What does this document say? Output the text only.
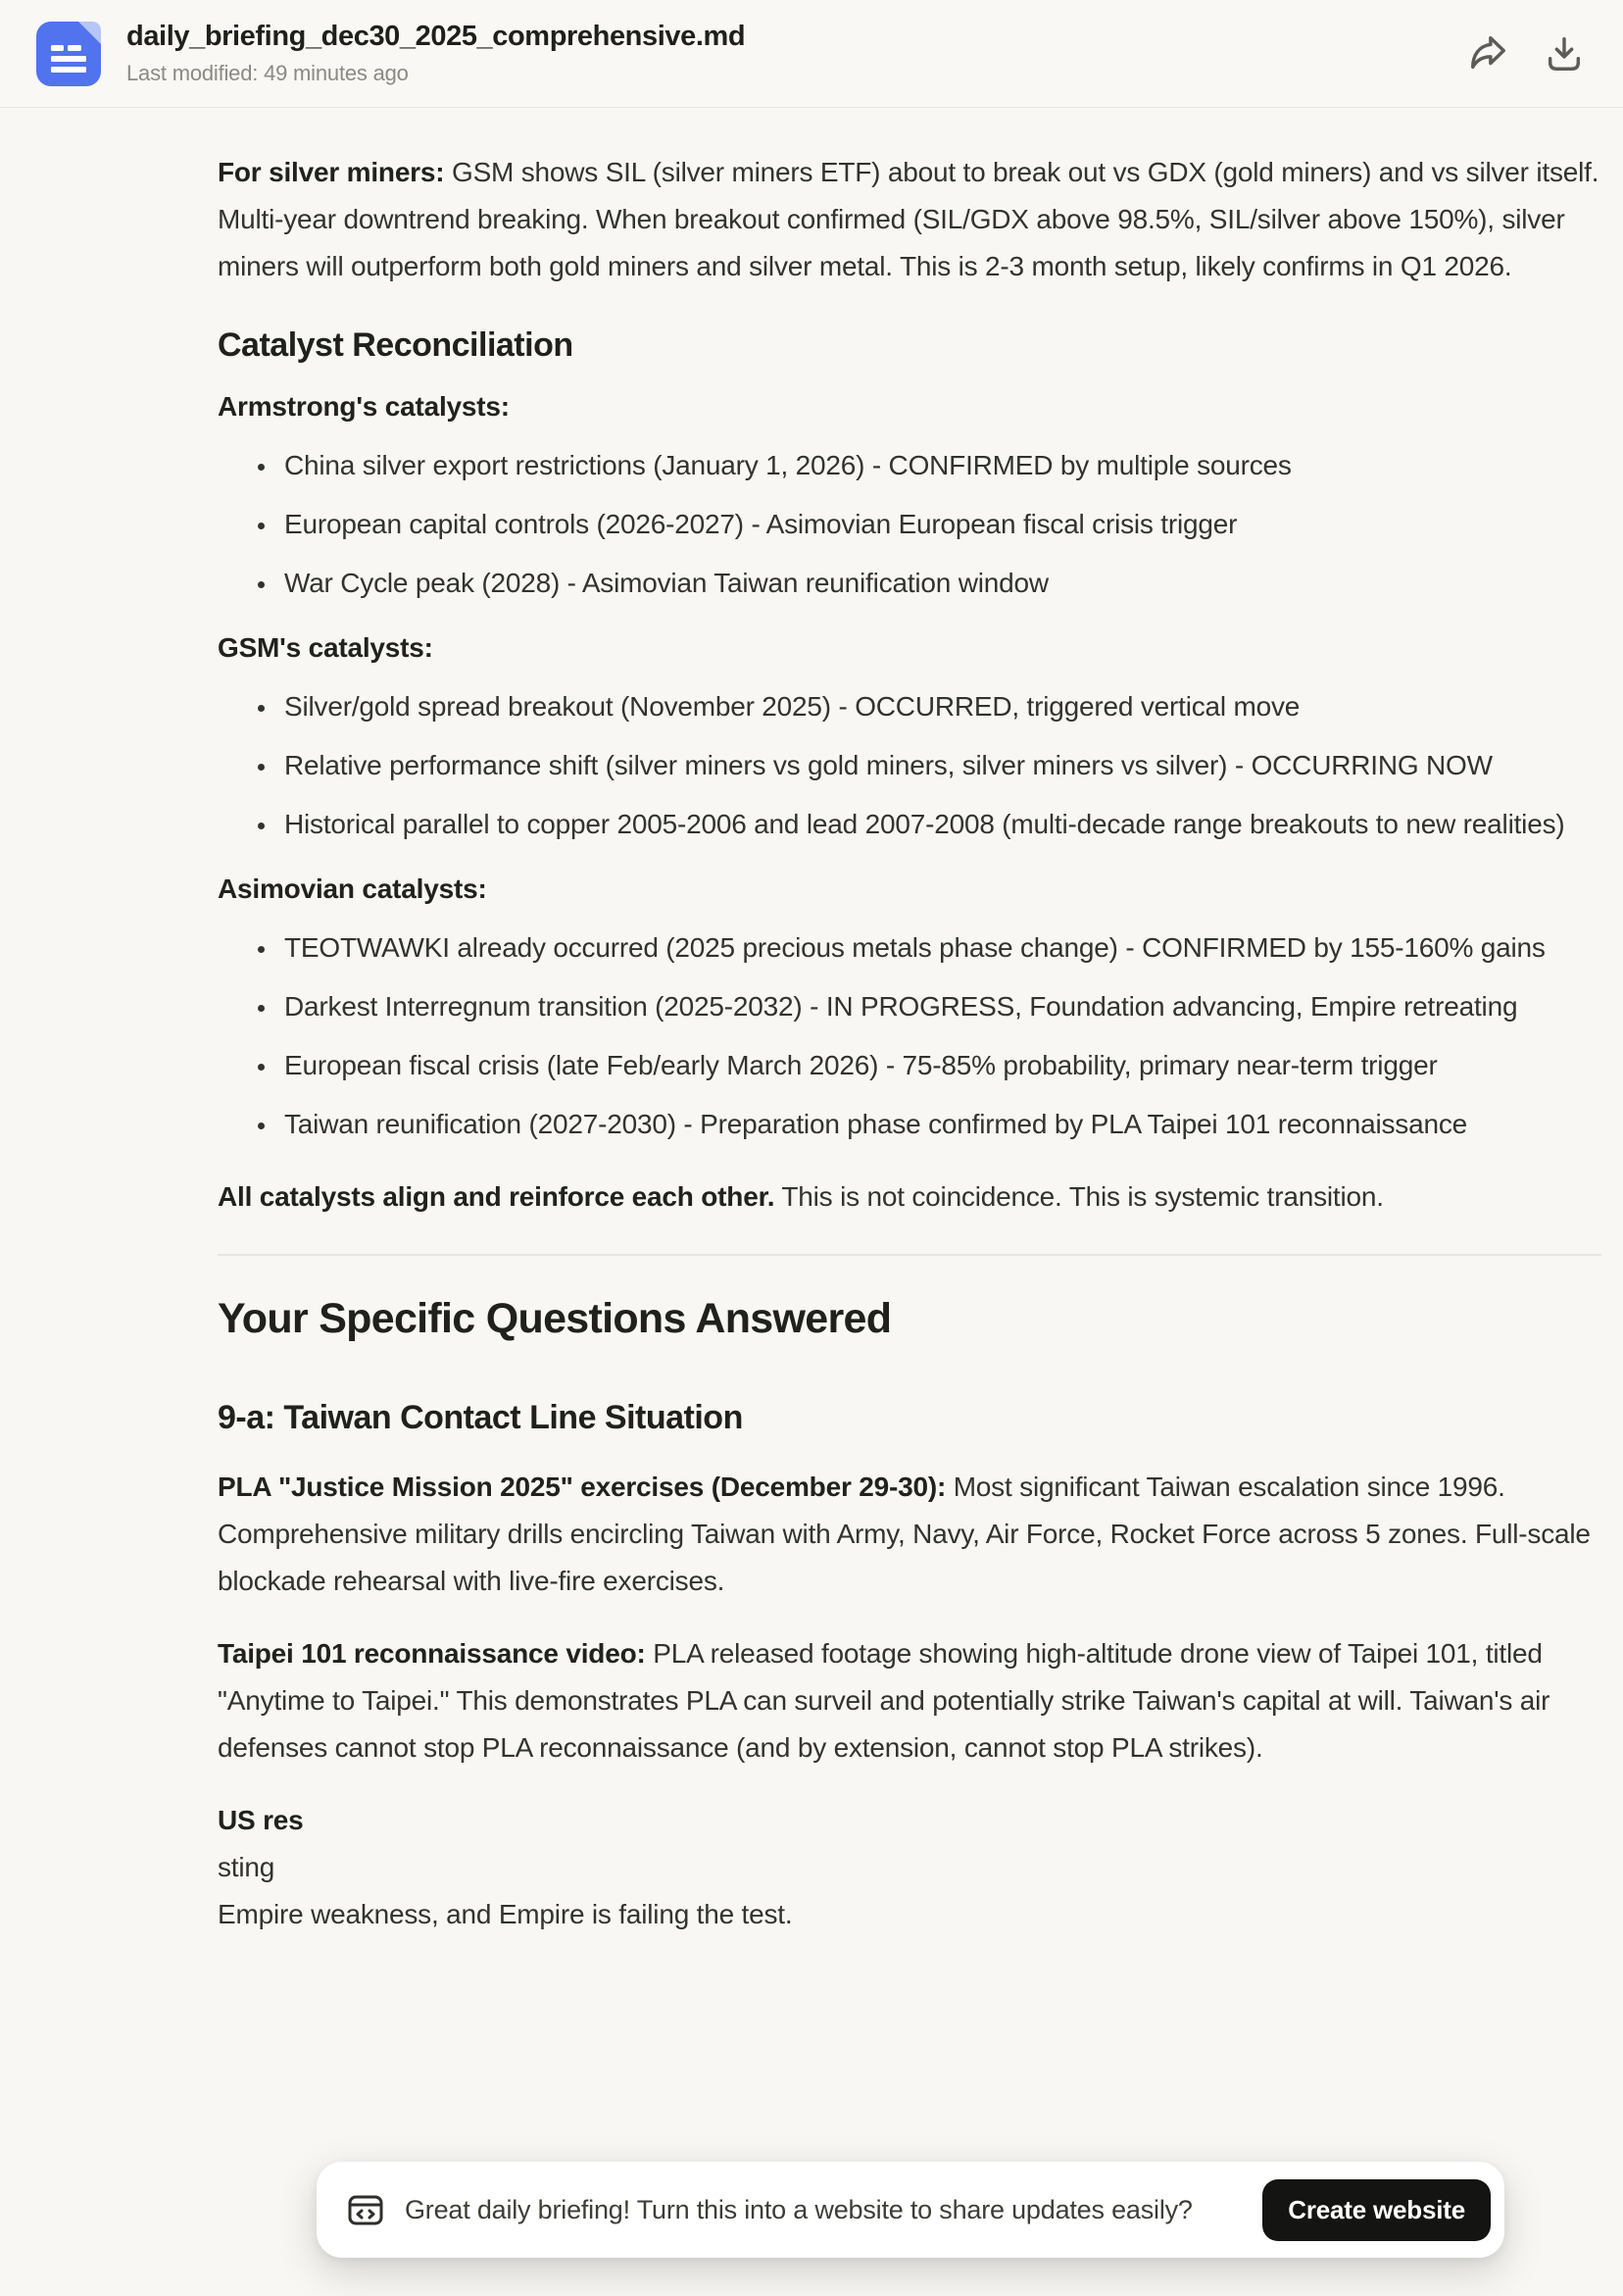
daily_briefing_dec30_2025_comprehensive.md
Last modified: 49 minutes ago

For silver miners: GSM shows SIL (silver miners ETF) about to break out vs GDX (gold miners) and vs silver itself. Multi-year downtrend breaking. When breakout confirmed (SIL/GDX above 98.5%, SIL/silver above 150%), silver miners will outperform both gold miners and silver metal. This is 2-3 month setup, likely confirms in Q1 2026.

Catalyst Reconciliation
Armstrong's catalysts:
• China silver export restrictions (January 1, 2026) - CONFIRMED by multiple sources
• European capital controls (2026-2027) - Asimovian European fiscal crisis trigger
• War Cycle peak (2028) - Asimovian Taiwan reunification window
GSM's catalysts:
• Silver/gold spread breakout (November 2025) - OCCURRED, triggered vertical move
• Relative performance shift (silver miners vs gold miners, silver miners vs silver) - OCCURRING NOW
• Historical parallel to copper 2005-2006 and lead 2007-2008 (multi-decade range breakouts to new realities)
Asimovian catalysts:
• TEOTWAWKI already occurred (2025 precious metals phase change) - CONFIRMED by 155-160% gains
• Darkest Interregnum transition (2025-2032) - IN PROGRESS, Foundation advancing, Empire retreating
• European fiscal crisis (late Feb/early March 2026) - 75-85% probability, primary near-term trigger
• Taiwan reunification (2027-2030) - Preparation phase confirmed by PLA Taipei 101 reconnaissance

All catalysts align and reinforce each other. This is not coincidence. This is systemic transition.

Your Specific Questions Answered
9-a: Taiwan Contact Line Situation

PLA "Justice Mission 2025" exercises (December 29-30): Most significant Taiwan escalation since 1996. Comprehensive military drills encircling Taiwan with Army, Navy, Air Force, Rocket Force across 5 zones. Full-scale blockade rehearsal with live-fire exercises.

Taipei 101 reconnaissance video: PLA released footage showing high-altitude drone view of Taipei 101, titled "Anytime to Taipei." This demonstrates PLA can surveil and potentially strike Taiwan's capital at will. Taiwan's air defenses cannot stop PLA reconnaissance (and by extension, cannot stop PLA strikes).

US res
sting
Empire weakness, and Empire is failing the test.

Great daily briefing! Turn this into a website to share updates easily?	Create website
